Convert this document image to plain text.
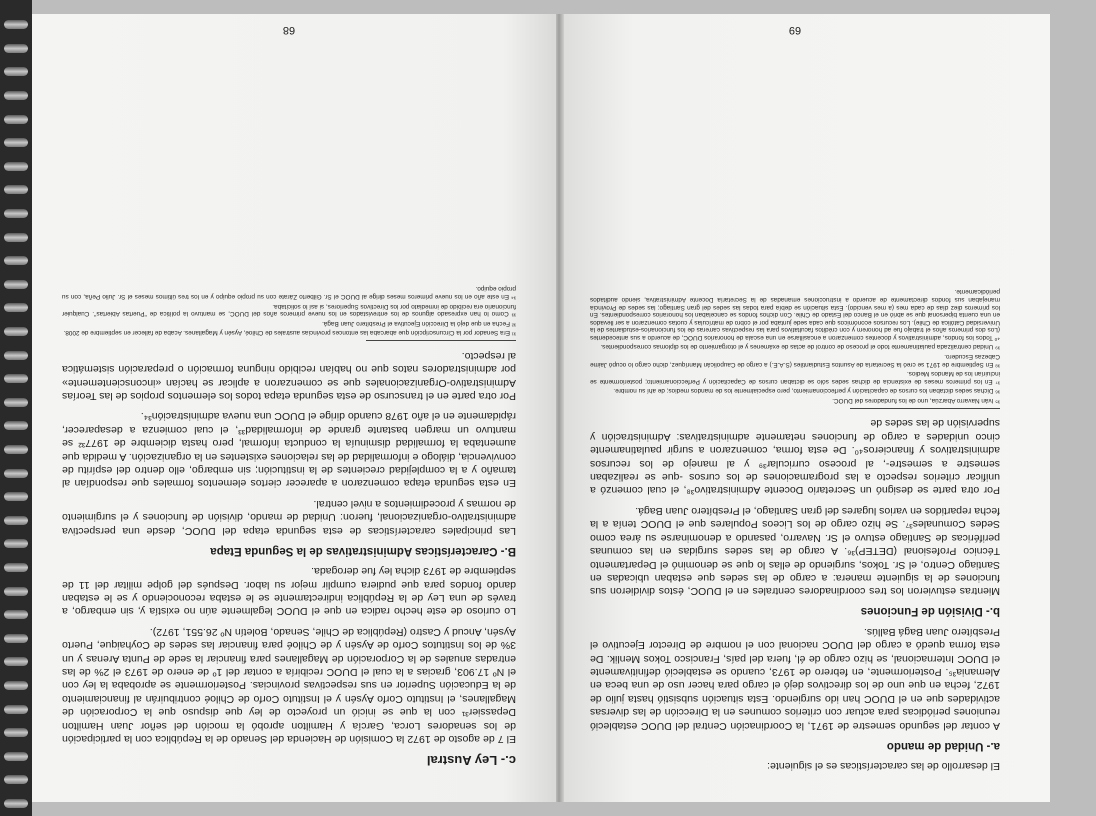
El desarrollo de las características es el siguiente:

a.- Unidad de mando

A contar del segundo semestre de 1971, la Coordinación Central del DUOC estableció reuniones periódicas para actuar con criterios comunes en la Dirección de las diversas actividades que en el DUOC han ido surgiendo. Esta situación subsistió hasta julio de 1972, fecha en que uno de los directivos dejó el cargo para hacer uso de una beca en Alemania³⁵. Posteriormente, en febrero de 1973, cuando se estableció definitivamente el DUOC Internacional, se hizo cargo de él, fuera del país, Francisco Tokos Menlik. De esta forma quedó a cargo del DUOC nacional con el nombre de Director Ejecutivo el Presbítero Juan Bagá Ballús.

b.- División de Funciones

Mientras estuvieron los tres coordinadores centrales en el DUOC, éstos dividieron sus funciones de la siguiente manera: a cargo de las sedes que estaban ubicadas en Santiago Centro, el Sr. Tokos, surgiendo de ellas lo que se denominó el Departamento Técnico Profesional (DETEP)³⁶. A cargo de las sedes surgidas en las comunas periféricas de Santiago estuvo el Sr. Navarro, pasando a denominarse su área como Sedes Comunales³⁷. Se hizo cargo de los Liceos Populares que el DUOC tenía a la fecha repartidos en varios lugares del gran Santiago, el Presbítero Juan Bagá.

Por otra parte se designó un Secretario Docente Administrativo³⁸, el cual comenzó a unificar criterios respecto a las programaciones de los cursos -que se realizaban semestre a semestre-, al proceso curricular³⁹ y al manejo de los recursos administrativos y financieros⁴⁰. De esta forma, comenzaron a surgir paulatinamente cinco unidades a cargo de funciones netamente administrativas: Administración y supervisión de las sedes de

³⁵ Iván Navarro Abarzúa, uno de los fundadores del DUOC.

³⁶ Dichas sedes dictaban los cursos de capacitación y perfeccionamiento, pero especialmente los de mandos medios; de ahí su nombre.

³⁷ En los primeros meses de existencia de dichas sedes sólo se dictaban cursos de Capacitación y Perfeccionamiento; posteriormente se incluirían los de Mandos Medios.

³⁸ En Septiembre de 1971 se creó la Secretaría de Asuntos Estudiantiles (S.A.E.) a cargo de Caupolicán Manríquez, dicho cargo lo ocupó Jaime Cabezas Escudero.

³⁹ Unidad centralizada paulatinamente todo el proceso de control de actas de exámenes y el otorgamiento de los diplomas correspondientes.

⁴⁰ Todos los fondos, administrativos y docentes comenzaron a encasillarse en una escala de honorarios DUOC, de acuerdo a sus antecedentes (Los dos primeros años el trabajo fue ad honorem y con créditos facultativos para las respectivas carreras de los funcionarios-estudiantes de la Universidad Católica de Chile). Los recursos económicos que cada sede juntaba por el cobro de matrículas y cuotas comenzaron a ser llevados en una cuenta bipersonal que se abrió en el Banco del Estado de Chile. Con dichos fondos se cancelaban los honorarios correspondientes. En los primeros diez días de cada mes (a mes vencido). Esta situación se debía para todas las sedes del gran Santiago; las sedes de Provincia manejaban sus fondos directamente de acuerdo a instrucciones emanadas de la Secretaría Docente Administrativa, siendo auditados periódicamente.

69
c.- Ley Austral

El 7 de agosto de 1972 la Comisión de Hacienda del Senado de la República con la participación de los senadores Lorca, García y Hamilton aprobó la moción del señor Juan Hamilton Depassier³¹ con la que se inició un proyecto de ley que dispuso que la Corporación de Magallanes, el Instituto Corfo Aysén y el Instituto Corfo de Chiloé contribuirán al financiamiento de la Educación Superior en sus respectivas provincias. Posteriormente se aprobaba la ley con el Nº 17.903, gracias a la cual el DUOC recibiría a contar del 1º de enero de 1973 el 2% de las entradas anuales de la Corporación de Magallanes para financiar la sede de Punta Arenas y un 3% de los Institutos Corfo de Aysén y de Chiloé para financiar las sedes de Coyhaique, Puerto Aysén, Ancud y Castro (República de Chile, Senado, Boletín Nº 26.551, 1972).

Lo curioso de este hecho radica en que el DUOC legalmente aún no existía y, sin embargo, a través de una Ley de la República indirectamente se le estaba reconociendo y se le estaban dando fondos para que pudiera cumplir mejor su labor. Después del golpe militar del 11 de septiembre de 1973 dicha ley fue derogada.

B.- Características Administrativas de la Segunda Etapa

Las principales características de esta segunda etapa del DUOC, desde una perspectiva administrativo-organizacional, fueron: Unidad de mando, división de funciones y el surgimiento de normas y procedimientos a nivel central.

En esta segunda etapa comenzaron a aparecer ciertos elementos formales que respondían al tamaño y a la complejidad crecientes de la institución; sin embargo, ello dentro del espíritu de convivencia, diálogo e informalidad de las relaciones existentes en la organización. A medida que aumentaba la formalidad disminuía la conducta informal, pero hasta diciembre de 1977³² se mantuvo un margen bastante grande de informalidad³³, el cual comienza a desaparecer, rápidamente en el año 1978 cuando dirige el DUOC una nueva administración³⁴.

Por otra parte en el transcurso de esta segunda etapa todos los elementos propios de las Teorías Administrativo-Organizacionales que se comenzaron a aplicar se hacían «inconscientemente» por administradores natos que no habían recibido ninguna formación o preparación sistemática al respecto.

³¹ Era Senador por la Circunscripción que abarcaba las entonces provincias australes de Chiloé, Aysén y Magallanes. Acaba de fallecer en septiembre de 2008.

³² Fecha en que dejó la Dirección Ejecutiva el Presbítero Juan Bagá.

³³ Como lo han expresado algunos de los entrevistados en los nueve primeros años del DUOC, se mantuvo la política de "Puertas Abiertas". Cualquier funcionario era recibido de inmediato por los Directivos Superiores, si así lo solicitaba.

³⁴ En este año en los nueve primeros meses dirige al DUOC el Sr. Gilberto Zárate con su propio equipo y en los tres últimos meses el Sr. Julio Peña, con su propio equipo.

68
